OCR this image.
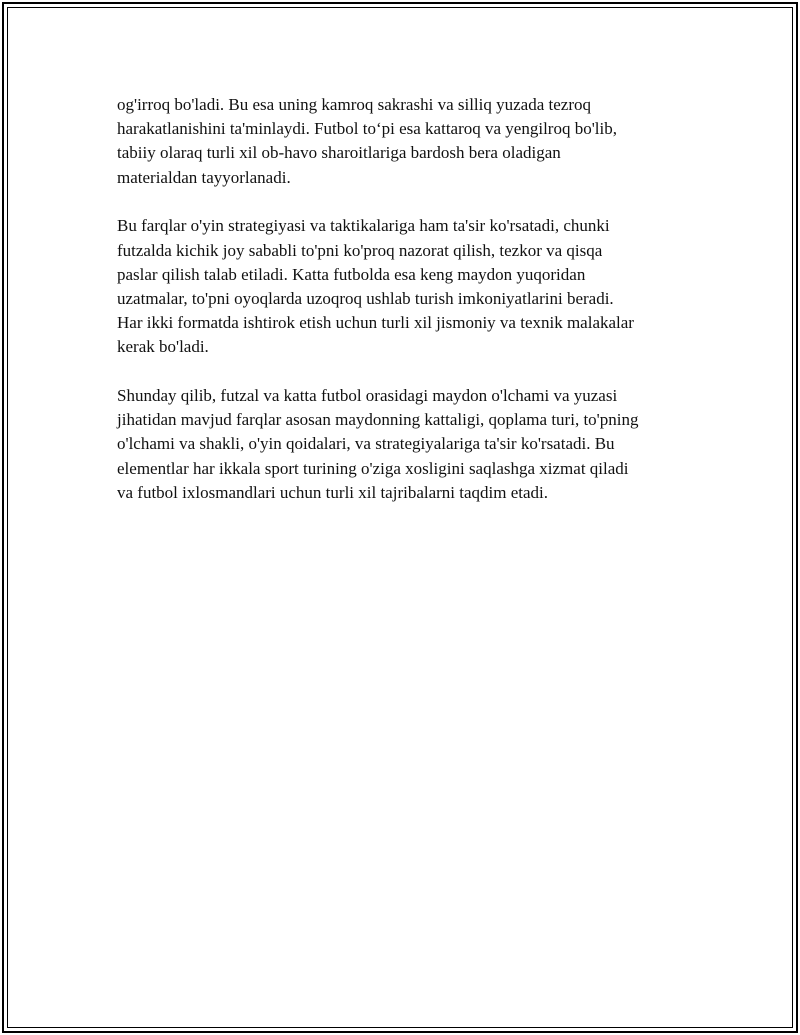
og'irroq bo'ladi. Bu esa uning kamroq sakrashi va silliq yuzada tezroq
harakatlanishini ta'minlaydi. Futbol to‘pi esa kattaroq va yengilroq bo'lib,
tabiiy olaraq turli xil ob-havo sharoitlariga bardosh bera oladigan
materialdan tayyorlanadi.

Bu farqlar o'yin strategiyasi va taktikalariga ham ta'sir ko'rsatadi, chunki
futzalda kichik joy sababli to'pni ko'proq nazorat qilish, tezkor va qisqa
paslar qilish talab etiladi. Katta futbolda esa keng maydon yuqoridan
uzatmalar, to'pni oyoqlarda uzoqroq ushlab turish imkoniyatlarini beradi.
Har ikki formatda ishtirok etish uchun turli xil jismoniy va texnik malakalar
kerak bo'ladi.

Shunday qilib, futzal va katta futbol orasidagi maydon o'lchami va yuzasi
jihatidan mavjud farqlar asosan maydonning kattaligi, qoplama turi, to'pning
o'lchami va shakli, o'yin qoidalari, va strategiyalariga ta'sir ko'rsatadi. Bu
elementlar har ikkala sport turining o'ziga xosligini saqlashga xizmat qiladi
va futbol ixlosmandlari uchun turli xil tajribalarni taqdim etadi.
